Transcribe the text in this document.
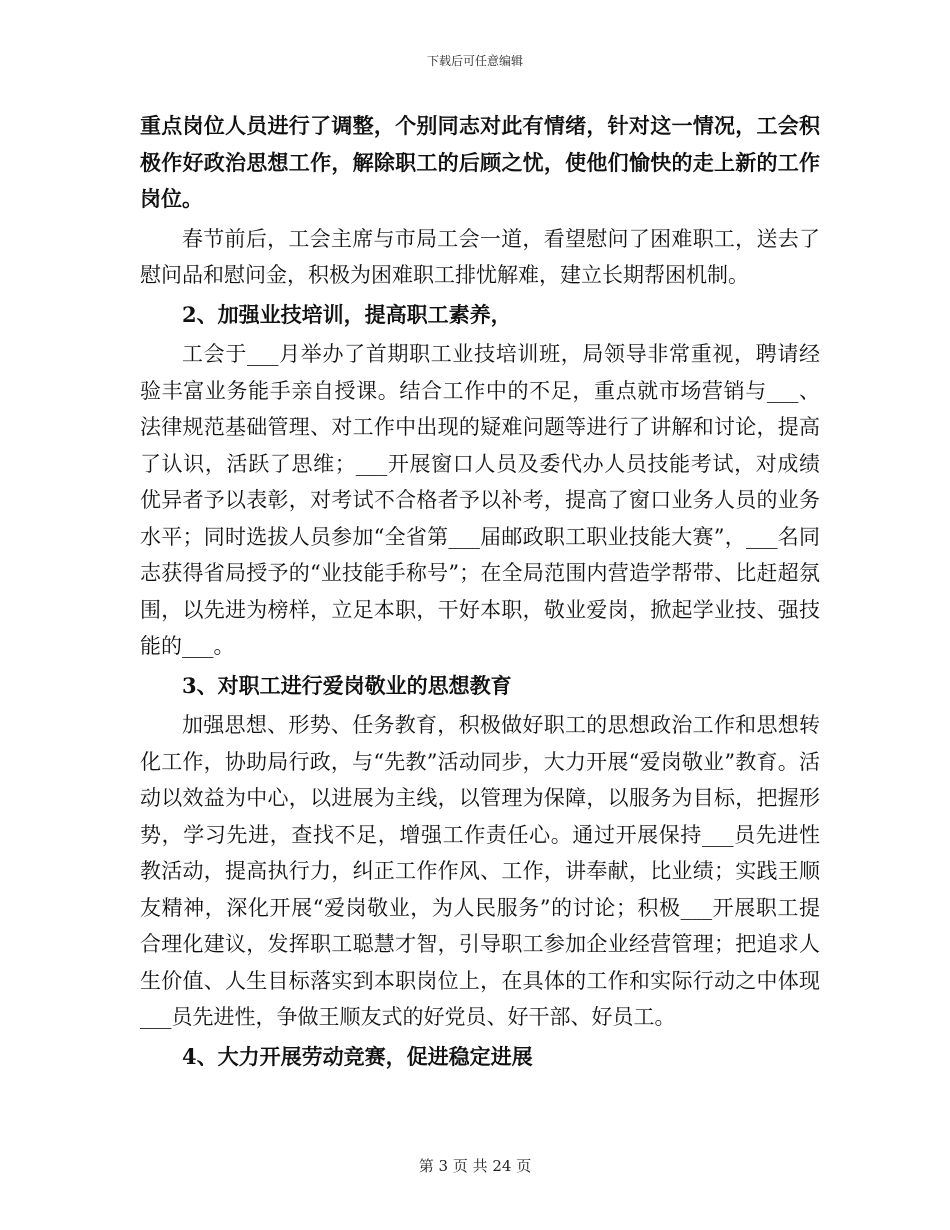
下载后可任意编辑

重点岗位人员进行了调整，个别同志对此有情绪，针对这一情况，工会积极作好政治思想工作，解除职工的后顾之忧，使他们愉快的走上新的工作岗位。

春节前后，工会主席与市局工会一道，看望慰问了困难职工，送去了慰问品和慰问金，积极为困难职工排忧解难，建立长期帮困机制。

2、加强业技培训，提高职工素养，

工会于___月举办了首期职工业技培训班，局领导非常重视，聘请经验丰富业务能手亲自授课。结合工作中的不足，重点就市场营销与___、法律规范基础管理、对工作中出现的疑难问题等进行了讲解和讨论，提高了认识，活跃了思维；___开展窗口人员及委代办人员技能考试，对成绩优异者予以表彰，对考试不合格者予以补考，提高了窗口业务人员的业务水平；同时选拔人员参加“全省第___届邮政职工职业技能大赛”，___名同志获得省局授予的“业技能手称号”；在全局范围内营造学帮带、比赶超氛围，以先进为榜样，立足本职，干好本职，敬业爱岗，掀起学业技、强技能的___。

3、对职工进行爱岗敬业的思想教育

加强思想、形势、任务教育，积极做好职工的思想政治工作和思想转化工作，协助局行政，与“先教”活动同步，大力开展“爱岗敬业”教育。活动以效益为中心，以进展为主线，以管理为保障，以服务为目标，把握形势，学习先进，查找不足，增强工作责任心。通过开展保持___员先进性教活动，提高执行力，纠正工作作风、工作，讲奉献，比业绩；实践王顺友精神，深化开展“爱岗敬业，为人民服务”的讨论；积极___开展职工提合理化建议，发挥职工聪慧才智，引导职工参加企业经营管理；把追求人生价值、人生目标落实到本职岗位上，在具体的工作和实际行动之中体现___员先进性，争做王顺友式的好党员、好干部、好员工。

4、大力开展劳动竞赛，促进稳定进展

第 3 页 共 24 页
